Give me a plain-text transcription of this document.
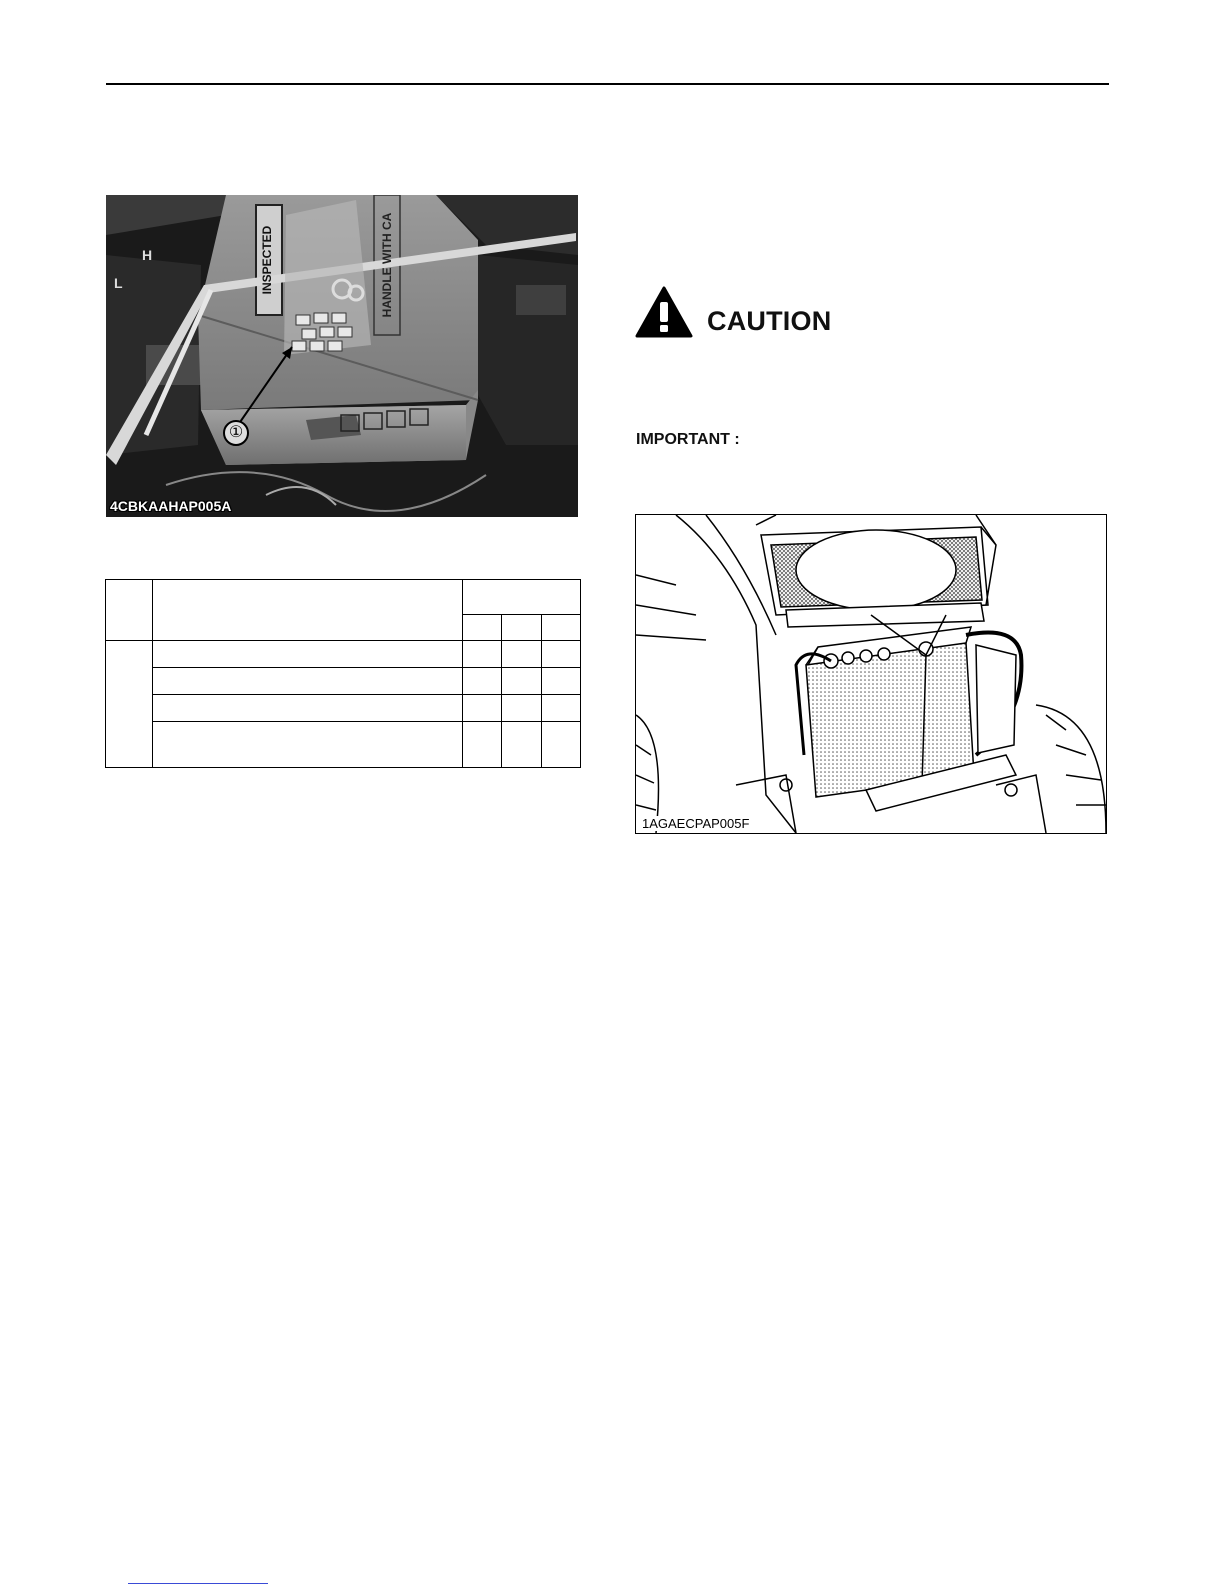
L
H	INSPECTED	HANDLE WITH CA
①
4CBKAAHAP005A

CAUTION
IMPORTANT :
1AGAECPAP005F
